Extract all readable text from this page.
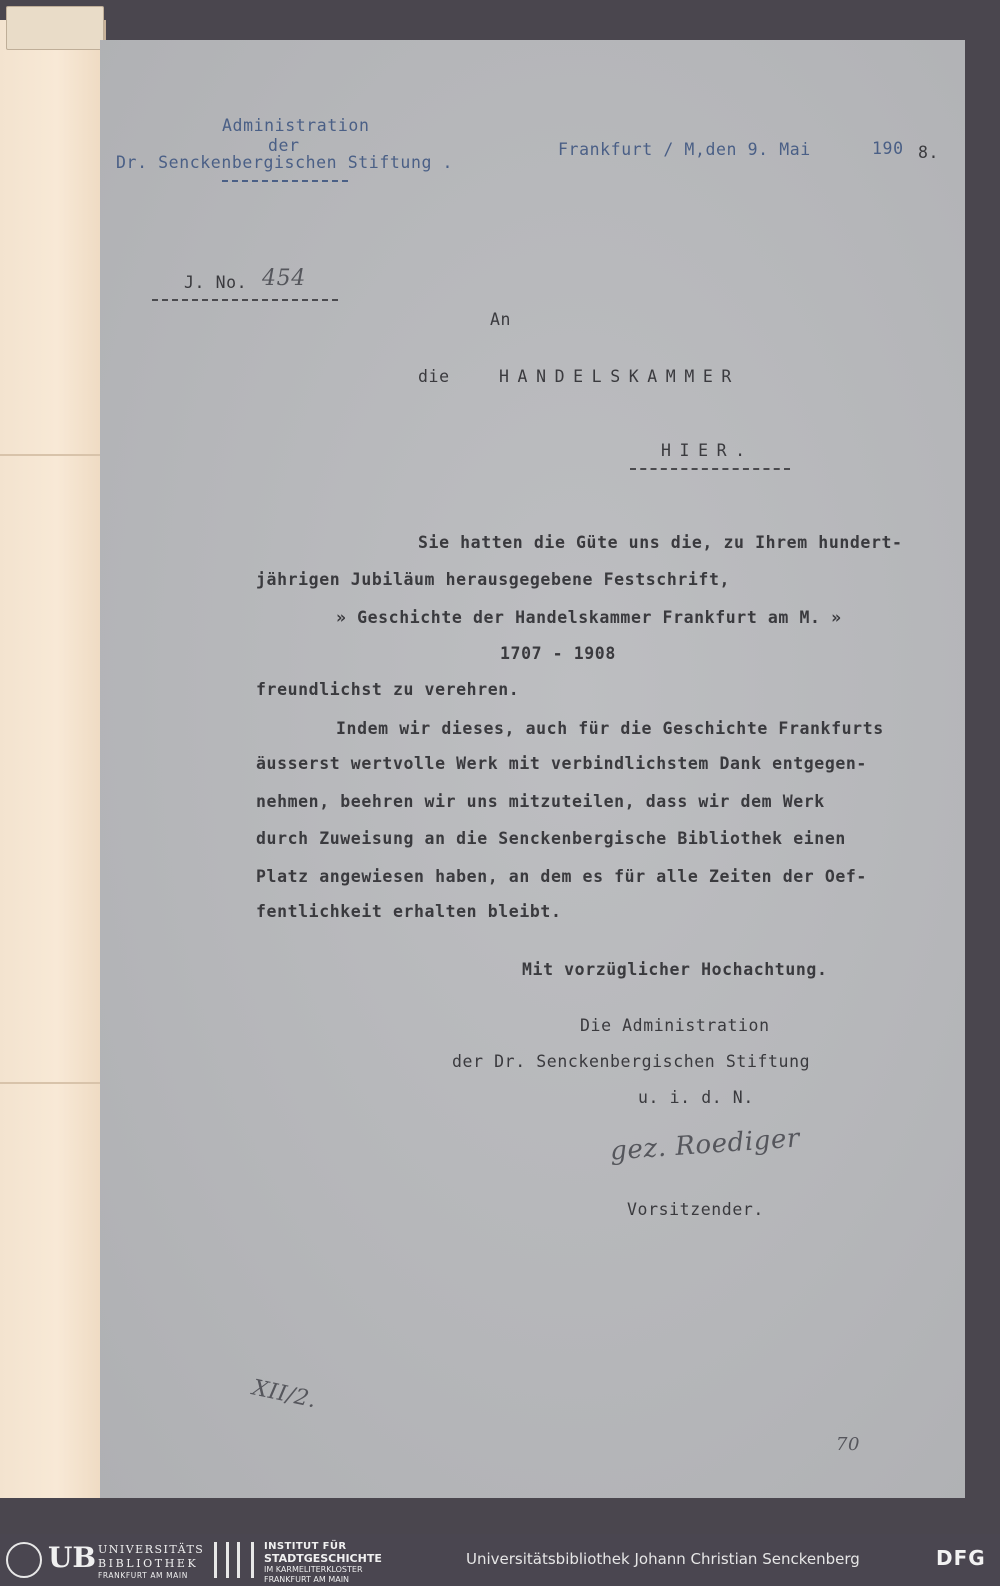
Administration
der
Dr. Senckenbergischen Stiftung .
Frankfurt / M,den 9. Mai	190 8.
J. No. 454
An
die	HANDELSKAMMER
HIER.
Sie hatten die Güte uns die, zu Ihrem hundert-
jährigen Jubiläum herausgegebene Festschrift,
» Geschichte der Handelskammer Frankfurt am M. »
1707 - 1908
freundlichst zu verehren.
Indem wir dieses, auch für die Geschichte Frankfurts
äusserst wertvolle Werk mit verbindlichstem Dank entgegen-
nehmen, beehren wir uns mitzuteilen, dass wir dem Werk
durch Zuweisung an die Senckenbergische Bibliothek einen
Platz angewiesen haben, an dem es für alle Zeiten der Oef-
fentlichkeit erhalten bleibt.
Mit vorzüglicher Hochachtung.
Die Administration
der Dr. Senckenbergischen Stiftung
u. i. d. N.
gez. Roediger
Vorsitzender.
XII/2.
70
UB UNIVERSITÄTS
BIBLIOTHEK
FRANKFURT AM MAIN
INSTITUT FÜR
STADTGESCHICHTE
IM KARMELITERKLOSTER
FRANKFURT AM MAIN
Universitätsbibliothek Johann Christian Senckenberg	DFG
